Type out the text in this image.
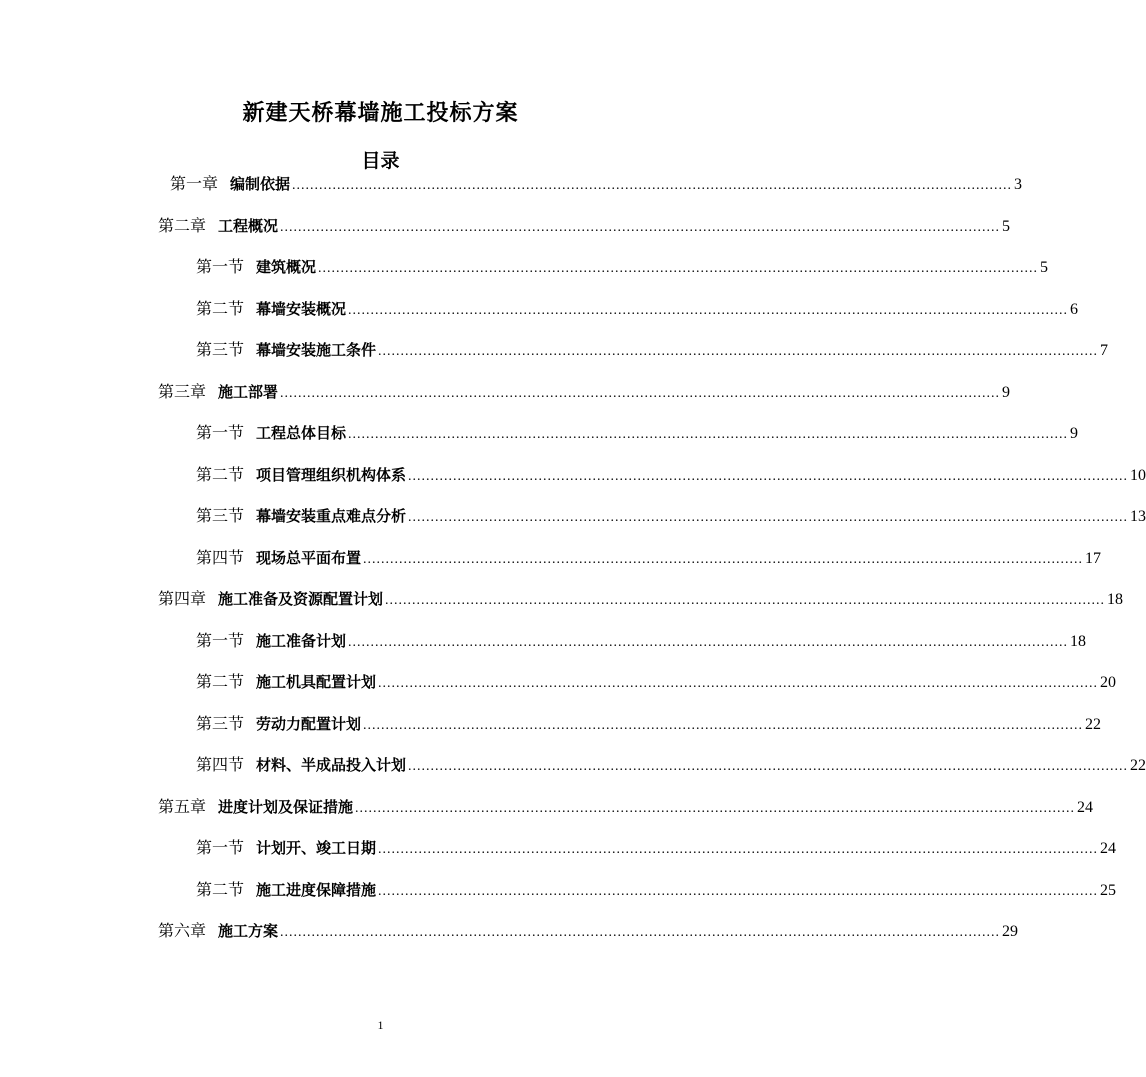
新建天桥幕墙施工投标方案
目录
第一章 编制依据 ................................................................................................................................................................ 3
第二章 工程概况 ................................................................................................................................................................ 5
第一节 建筑概况 ................................................................................................................................................................ 5
第二节 幕墙安装概况 ................................................................................................................................................................ 6
第三节 幕墙安装施工条件 ................................................................................................................................................................ 7
第三章 施工部署 ................................................................................................................................................................ 9
第一节 工程总体目标 ................................................................................................................................................................ 9
第二节 项目管理组织机构体系 ................................................................................................................................................................ 10
第三节 幕墙安装重点难点分析 ................................................................................................................................................................ 13
第四节 现场总平面布置 ................................................................................................................................................................ 17
第四章 施工准备及资源配置计划 ................................................................................................................................................................ 18
第一节 施工准备计划 ................................................................................................................................................................ 18
第二节 施工机具配置计划 ................................................................................................................................................................ 20
第三节 劳动力配置计划 ................................................................................................................................................................ 22
第四节 材料、半成品投入计划 ................................................................................................................................................................ 22
第五章 进度计划及保证措施 ................................................................................................................................................................ 24
第一节 计划开、竣工日期 ................................................................................................................................................................ 24
第二节 施工进度保障措施 ................................................................................................................................................................ 25
第六章 施工方案 ................................................................................................................................................................ 29
1
